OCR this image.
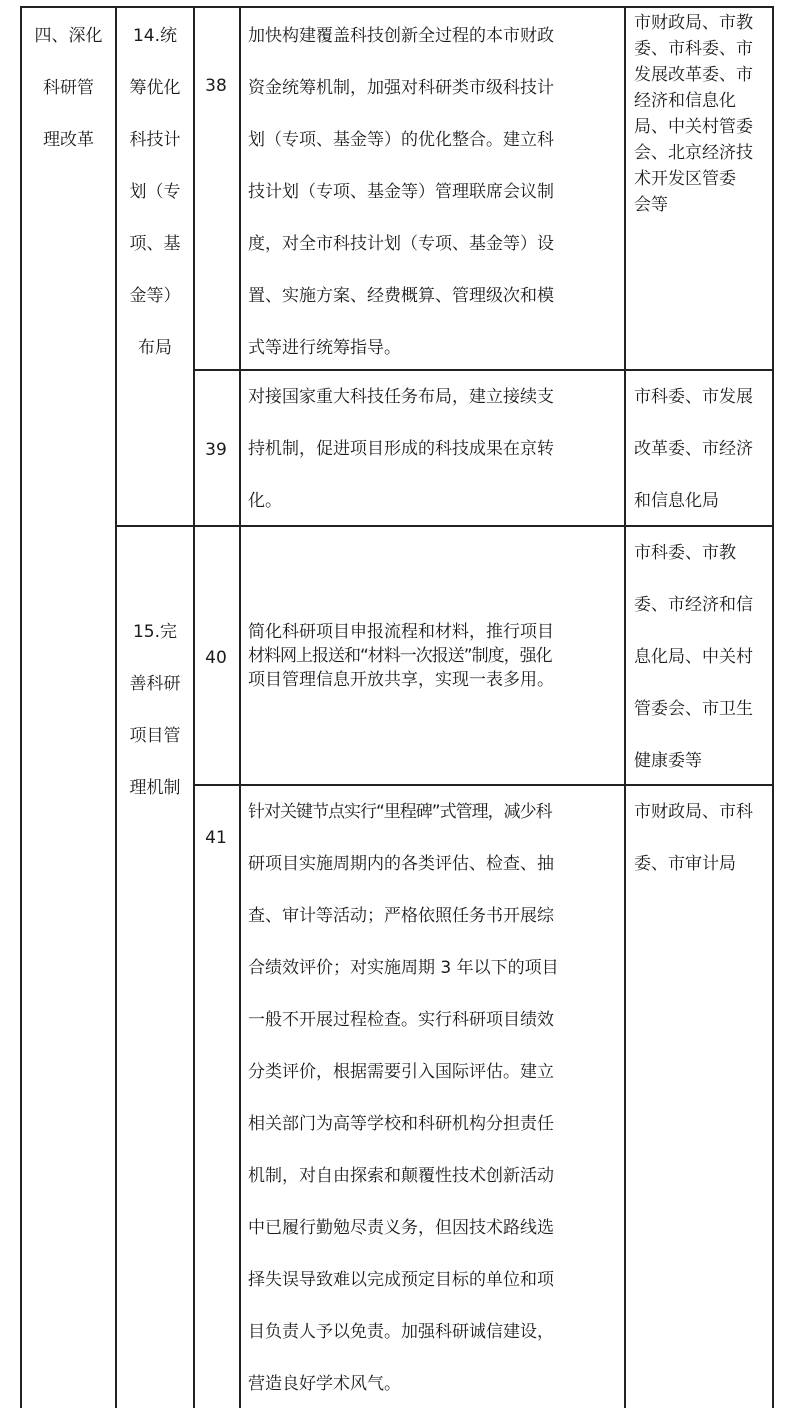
四、深化
科研管
理改革
14.统
筹优化
科技计
划（专
项、基
金等）
布局
15.完
善科研
项目管
理机制
38
39
40
41
加快构建覆盖科技创新全过程的本市财政
资金统筹机制，加强对科研类市级科技计
划（专项、基金等）的优化整合。建立科
技计划（专项、基金等）管理联席会议制
度，对全市科技计划（专项、基金等）设
置、实施方案、经费概算、管理级次和模
式等进行统筹指导。
市财政局、市教
委、市科委、市
发展改革委、市
经济和信息化
局、中关村管委
会、北京经济技
术开发区管委
会等
对接国家重大科技任务布局，建立接续支
持机制，促进项目形成的科技成果在京转
化。
市科委、市发展
改革委、市经济
和信息化局
简化科研项目申报流程和材料，推行项目
材料网上报送和“材料一次报送”制度，强化
项目管理信息开放共享，实现一表多用。
市科委、市教
委、市经济和信
息化局、中关村
管委会、市卫生
健康委等
针对关键节点实行“里程碑”式管理，减少科
研项目实施周期内的各类评估、检查、抽
查、审计等活动；严格依照任务书开展综
合绩效评价；对实施周期 3 年以下的项目
一般不开展过程检查。实行科研项目绩效
分类评价，根据需要引入国际评估。建立
相关部门为高等学校和科研机构分担责任
机制，对自由探索和颠覆性技术创新活动
中已履行勤勉尽责义务，但因技术路线选
择失误导致难以完成预定目标的单位和项
目负责人予以免责。加强科研诚信建设，
营造良好学术风气。
市财政局、市科
委、市审计局
